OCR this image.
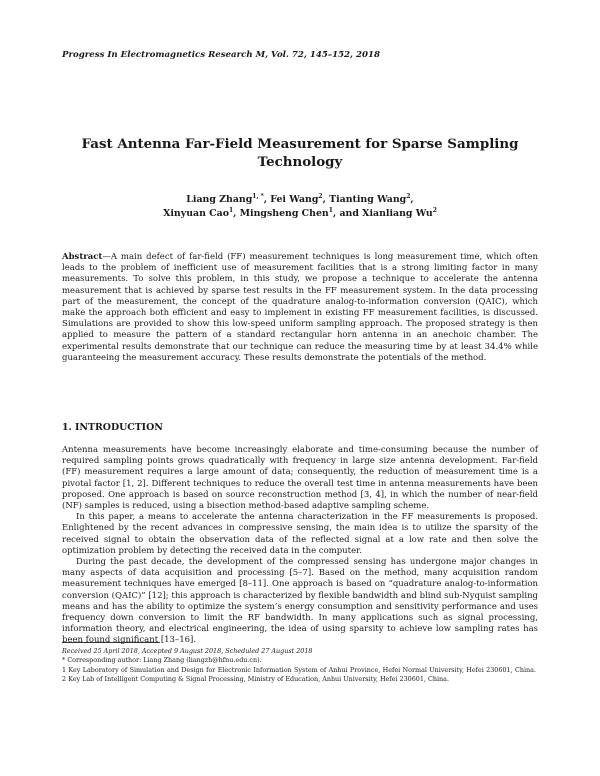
Progress In Electromagnetics Research M, Vol. 72, 145–152, 2018
Fast Antenna Far-Field Measurement for Sparse Sampling
Technology
Liang Zhang$^{1, *}$, Fei Wang$^2$, Tianting Wang$^2$,
Xinyuan Cao$^1$, Mingsheng Chen$^1$, and Xianliang Wu$^2$
Abstract—A main defect of far-field (FF) measurement techniques is long measurement time, which often leads to the problem of inefficient use of measurement facilities that is a strong limiting factor in many measurements. To solve this problem, in this study, we propose a technique to accelerate the antenna measurement that is achieved by sparse test results in the FF measurement system. In the data processing part of the measurement, the concept of the quadrature analog-to-information conversion (QAIC), which make the approach both efficient and easy to implement in existing FF measurement facilities, is discussed. Simulations are provided to show this low-speed uniform sampling approach. The proposed strategy is then applied to measure the pattern of a standard rectangular horn antenna in an anechoic chamber. The experimental results demonstrate that our technique can reduce the measuring time by at least 34.4% while guaranteeing the measurement accuracy. These results demonstrate the potentials of the method.
1. INTRODUCTION

Antenna measurements have become increasingly elaborate and time-consuming because the number of required sampling points grows quadratically with frequency in large size antenna development. Far-field (FF) measurement requires a large amount of data; consequently, the reduction of measurement time is a pivotal factor [1, 2]. Different techniques to reduce the overall test time in antenna measurements have been proposed. One approach is based on source reconstruction method [3, 4], in which the number of near-field (NF) samples is reduced, using a bisection method-based adaptive sampling scheme.

In this paper, a means to accelerate the antenna characterization in the FF measurements is proposed. Enlightened by the recent advances in compressive sensing, the main idea is to utilize the sparsity of the received signal to obtain the observation data of the reflected signal at a low rate and then solve the optimization problem by detecting the received data in the computer.

During the past decade, the development of the compressed sensing has undergone major changes in many aspects of data acquisition and processing [5–7]. Based on the method, many acquisition random measurement techniques have emerged [8–11]. One approach is based on “quadrature analog-to-information conversion (QAIC)” [12]; this approach is characterized by flexible bandwidth and blind sub-Nyquist sampling means and has the ability to optimize the system’s energy consumption and sensitivity performance and uses frequency down conversion to limit the RF bandwidth. In many applications such as signal processing, information theory, and electrical engineering, the idea of using sparsity to achieve low sampling rates has been found significant [13–16].

Received 25 April 2018, Accepted 9 August 2018, Scheduled 27 August 2018

* Corresponding author: Liang Zhang (liangzh@hfnu.edu.cn).

1 Key Laboratory of Simulation and Design for Electronic Information System of Anhui Province, Hefei Normal University, Hefei 230601, China.  2 Key Lab of Intelligent Computing & Signal Processing, Ministry of Education, Anhui University, Hefei 230601, China.
